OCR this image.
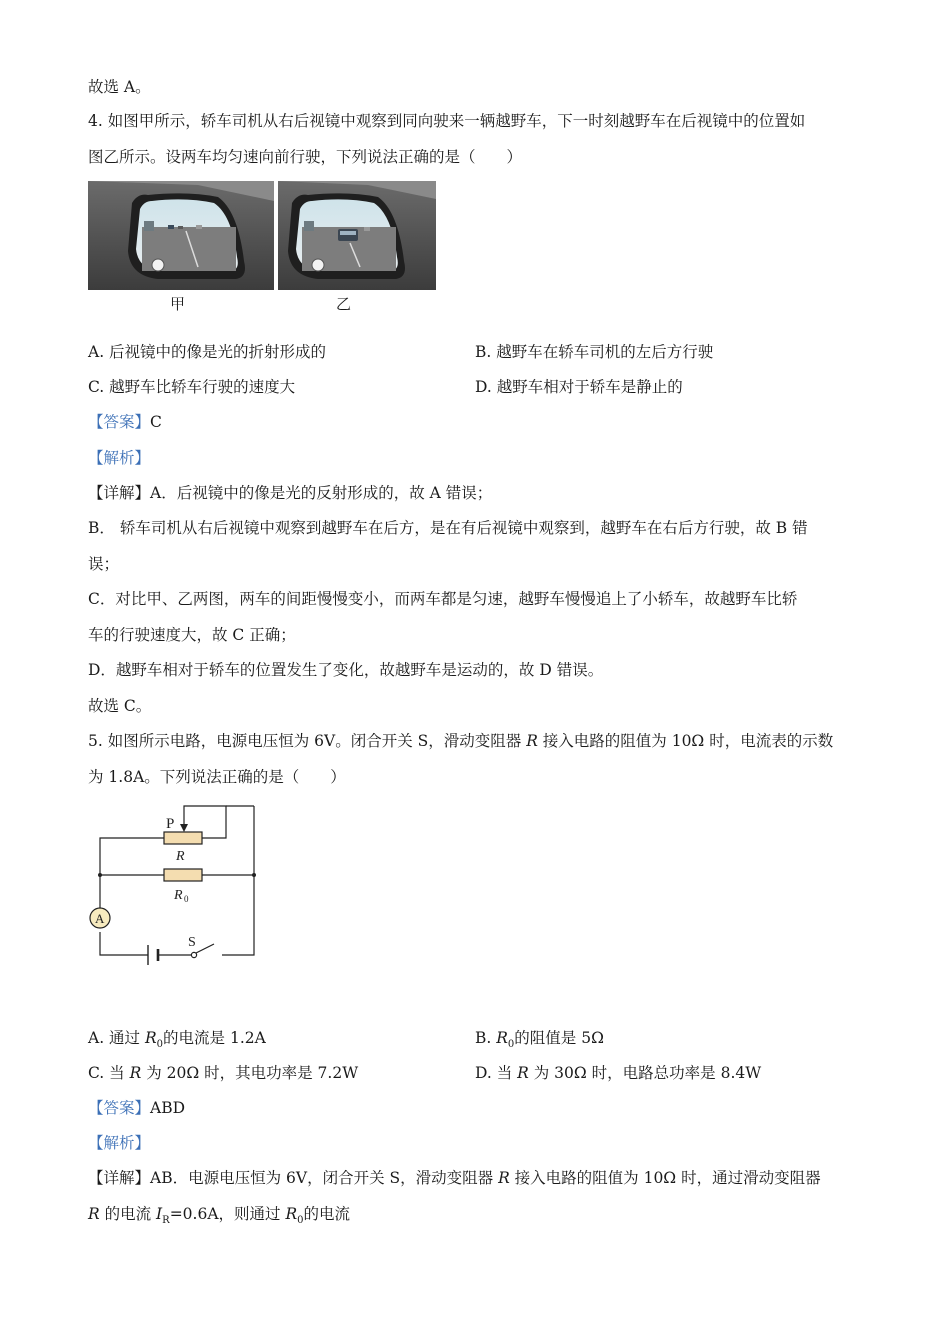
故选 A。
4. 如图甲所示，轿车司机从右后视镜中观察到同向驶来一辆越野车，下一时刻越野车在后视镜中的位置如
图乙所示。设两车均匀速向前行驶，下列说法正确的是（　　）
甲	乙
A. 后视镜中的像是光的折射形成的	B. 越野车在轿车司机的左后方行驶
C. 越野车比轿车行驶的速度大	D. 越野车相对于轿车是静止的
【答案】C
【解析】
【详解】A．后视镜中的像是光的反射形成的，故 A 错误；
B． 轿车司机从右后视镜中观察到越野车在后方，是在有后视镜中观察到，越野车在右后方行驶，故 B 错
误；
C．对比甲、乙两图，两车的间距慢慢变小，而两车都是匀速，越野车慢慢追上了小轿车，故越野车比轿
车的行驶速度大，故 C 正确；
D．越野车相对于轿车的位置发生了变化，故越野车是运动的，故 D 错误。
故选 C。
5. 如图所示电路，电源电压恒为 6V。闭合开关 S，滑动变阻器 R 接入电路的阻值为 10Ω 时，电流表的示数
为 1.8A。下列说法正确的是（　　）
P
R
R 0
A
S
A. 通过 $R_0$的电流是 1.2A	B. $R_0$的阻值是 5Ω
C. 当 R 为 20Ω 时，其电功率是 7.2W	D. 当 R 为 30Ω 时，电路总功率是 8.4W
【答案】ABD
【解析】
【详解】AB．电源电压恒为 6V，闭合开关 S，滑动变阻器 R 接入电路的阻值为 10Ω 时，通过滑动变阻器
R 的电流 $I_R=0.6A$，则通过 $R_0$的电流
